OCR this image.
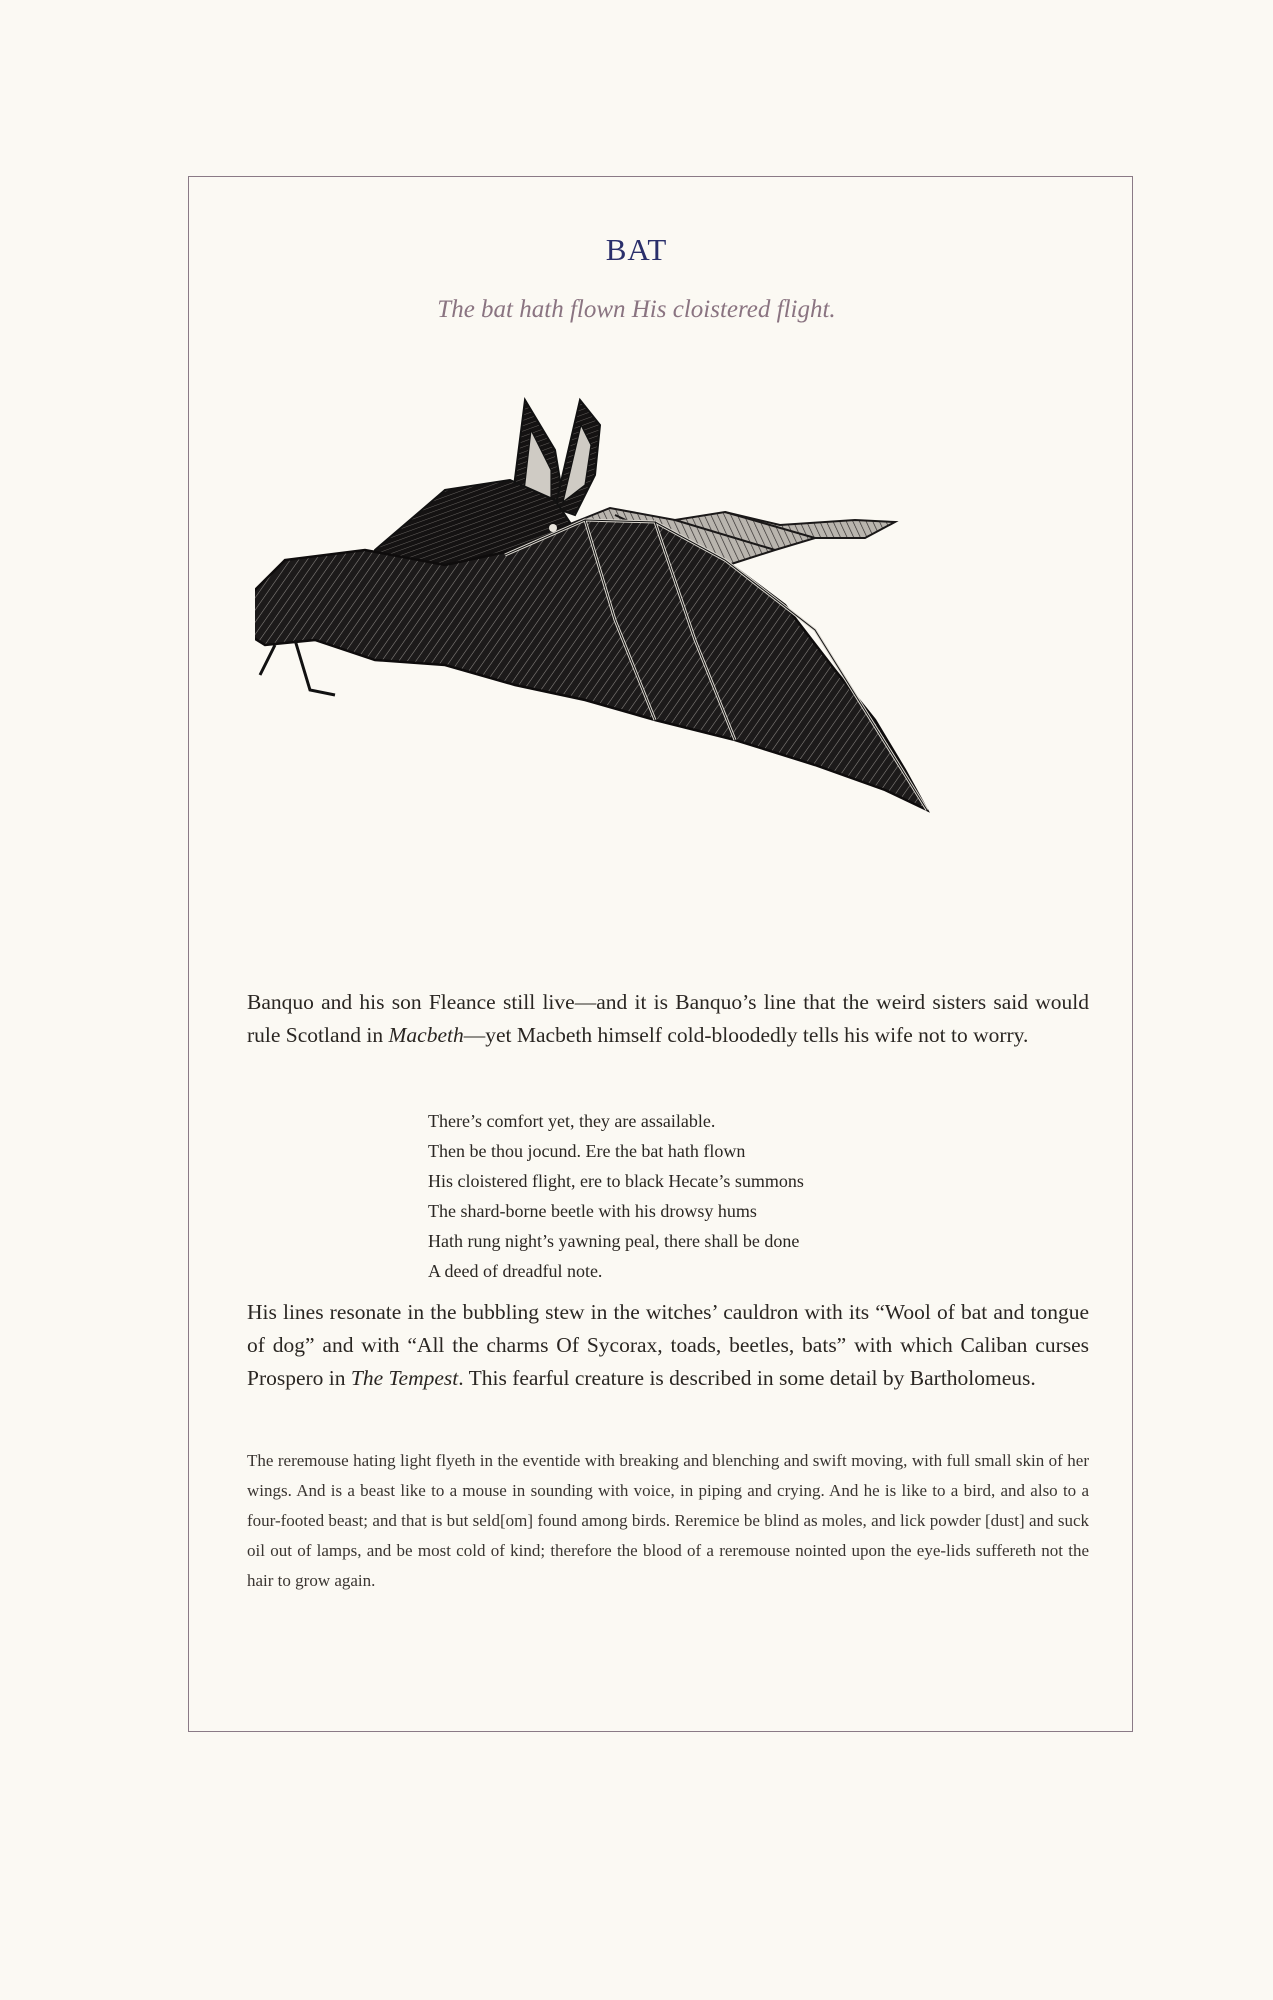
BAT
The bat hath flown His cloistered flight.

Banquo and his son Fleance still live—and it is Banquo’s line that the weird sisters said would rule Scotland in Macbeth—yet Macbeth himself cold-bloodedly tells his wife not to worry.

There’s comfort yet, they are assailable.
Then be thou jocund. Ere the bat hath flown
His cloistered flight, ere to black Hecate’s summons
The shard-borne beetle with his drowsy hums
Hath rung night’s yawning peal, there shall be done
A deed of dreadful note.

His lines resonate in the bubbling stew in the witches’ cauldron with its “Wool of bat and tongue of dog” and with “All the charms Of Sycorax, toads, beetles, bats” with which Caliban curses Prospero in The Tempest. This fearful creature is described in some detail by Bartholomeus.

The reremouse hating light flyeth in the eventide with breaking and blenching and swift moving, with full small skin of her wings. And is a beast like to a mouse in sounding with voice, in piping and crying. And he is like to a bird, and also to a four-footed beast; and that is but seld[om] found among birds. Reremice be blind as moles, and lick powder [dust] and suck oil out of lamps, and be most cold of kind; therefore the blood of a reremouse nointed upon the eye-lids suffereth not the hair to grow again.
